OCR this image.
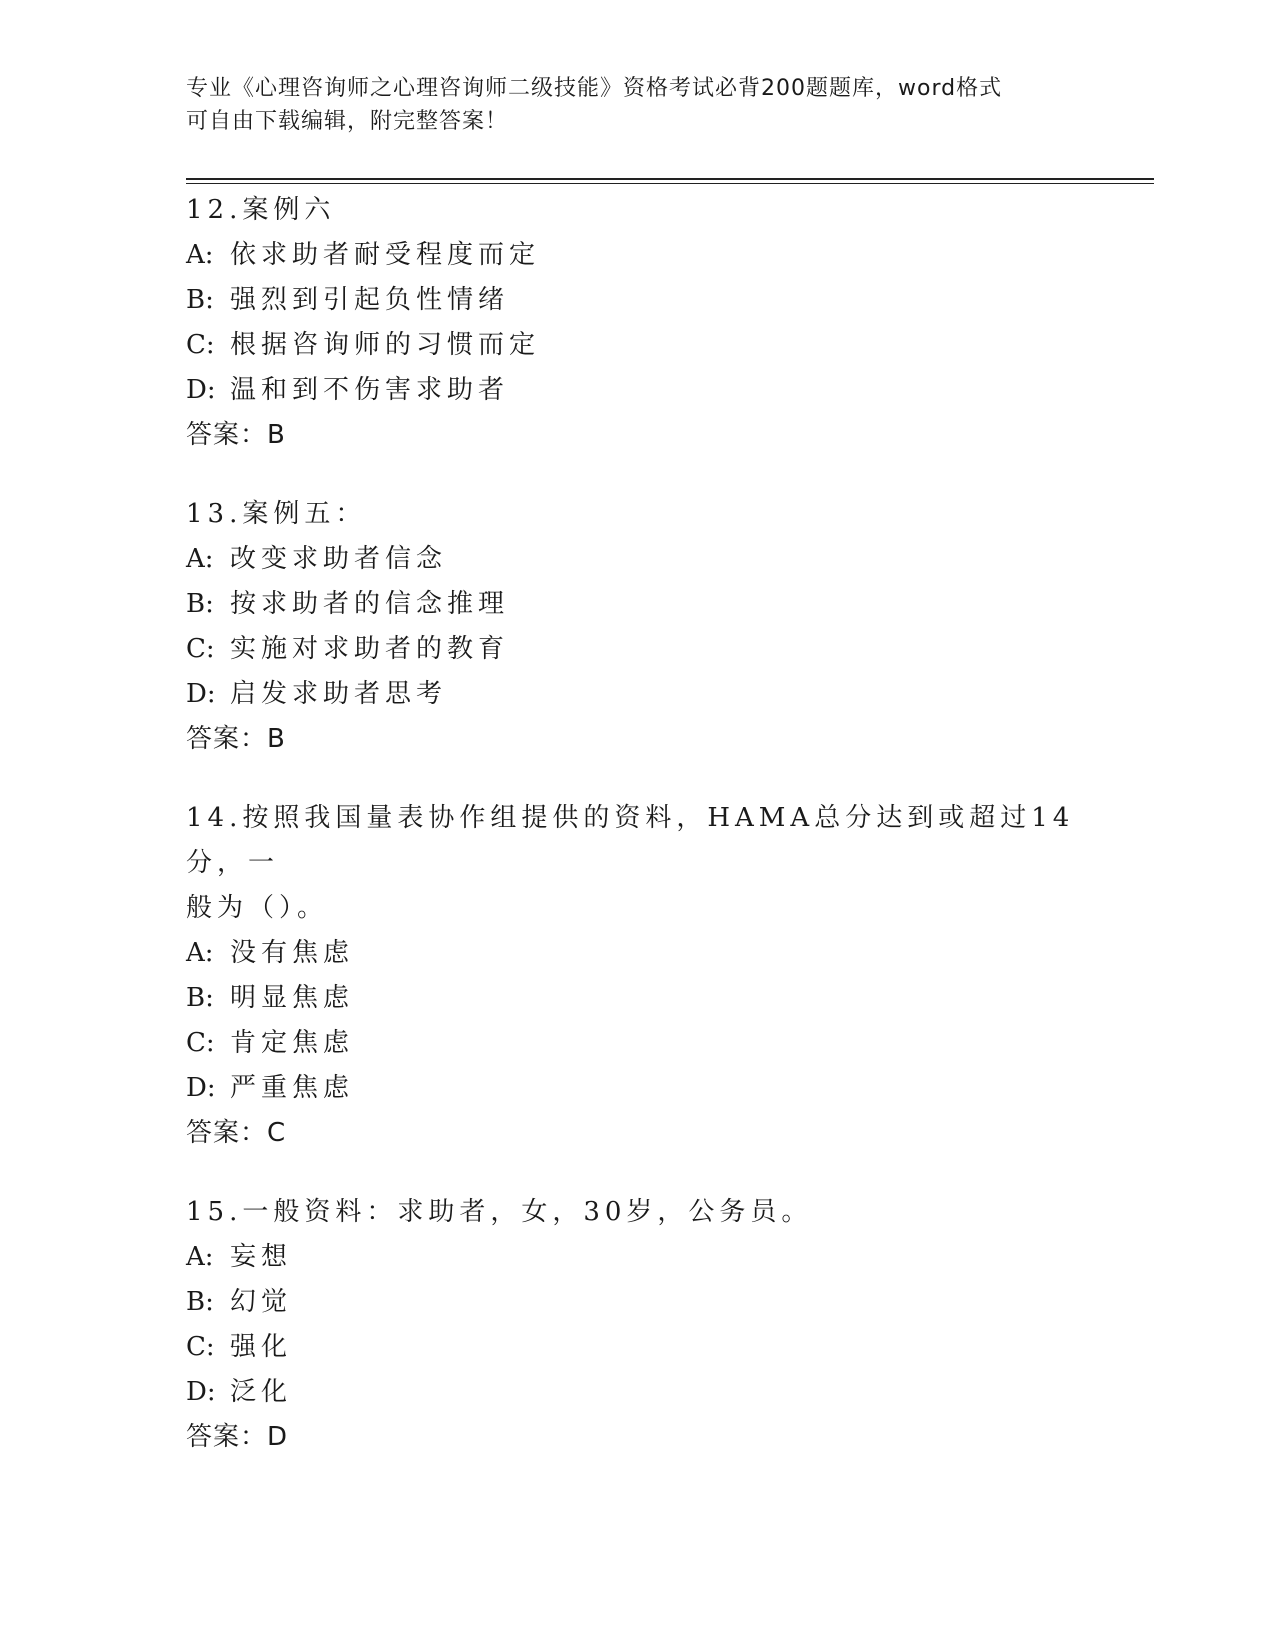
专业《心理咨询师之心理咨询师二级技能》资格考试必背200题题库，word格式
可自由下载编辑，附完整答案！

12.案例六

A: 依求助者耐受程度而定

B: 强烈到引起负性情绪

C: 根据咨询师的习惯而定

D: 温和到不伤害求助者

答案：B

13.案例五：

A: 改变求助者信念

B: 按求助者的信念推理

C: 实施对求助者的教育

D: 启发求助者思考

答案：B

14.按照我国量表协作组提供的资料，HAMA总分达到或超过14分，一

般为（）。

A: 没有焦虑

B: 明显焦虑

C: 肯定焦虑

D: 严重焦虑

答案：C

15.一般资料：求助者，女，30岁，公务员。

A: 妄想

B: 幻觉

C: 强化

D: 泛化

答案：D
